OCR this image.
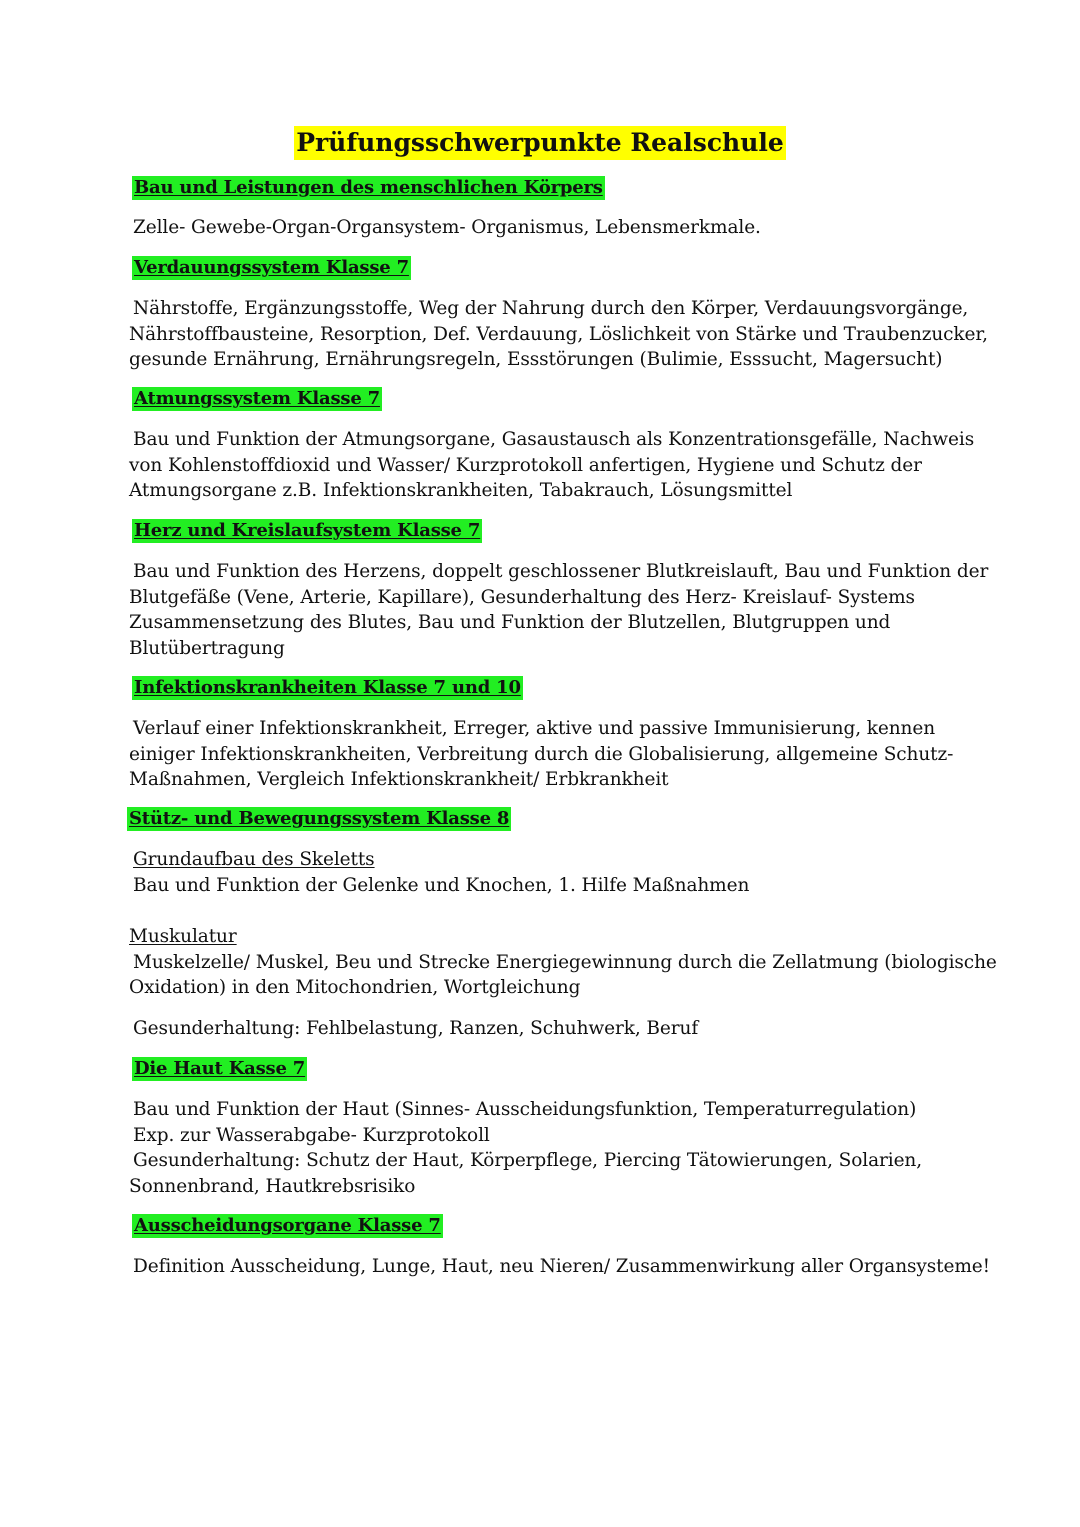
Prüfungsschwerpunkte Realschule
Bau und Leistungen des menschlichen Körpers
Zelle- Gewebe-Organ-Organsystem- Organismus, Lebensmerkmale.
Verdauungssystem Klasse 7
Nährstoffe, Ergänzungsstoffe, Weg der Nahrung durch den Körper, Verdauungsvorgänge,
Nährstoffbausteine, Resorption, Def. Verdauung, Löslichkeit von Stärke und Traubenzucker,
gesunde Ernährung, Ernährungsregeln, Essstörungen (Bulimie, Esssucht, Magersucht)
Atmungssystem Klasse 7
Bau und Funktion der Atmungsorgane, Gasaustausch als Konzentrationsgefälle, Nachweis
von Kohlenstoffdioxid und Wasser/ Kurzprotokoll anfertigen, Hygiene und Schutz der
Atmungsorgane z.B. Infektionskrankheiten, Tabakrauch, Lösungsmittel
Herz und Kreislaufsystem Klasse 7
Bau und Funktion des Herzens, doppelt geschlossener Blutkreislauft, Bau und Funktion der
Blutgefäße (Vene, Arterie, Kapillare), Gesunderhaltung des Herz- Kreislauf- Systems
Zusammensetzung des Blutes, Bau und Funktion der Blutzellen, Blutgruppen und
Blutübertragung
Infektionskrankheiten Klasse 7 und 10
Verlauf einer Infektionskrankheit, Erreger, aktive und passive Immunisierung, kennen
einiger Infektionskrankheiten, Verbreitung durch die Globalisierung, allgemeine Schutz-
Maßnahmen, Vergleich Infektionskrankheit/ Erbkrankheit
Stütz- und Bewegungssystem Klasse 8
Grundaufbau des Skeletts
Bau und Funktion der Gelenke und Knochen, 1. Hilfe Maßnahmen
Muskulatur
Muskelzelle/ Muskel, Beu und Strecke Energiegewinnung durch die Zellatmung (biologische
Oxidation) in den Mitochondrien, Wortgleichung
Gesunderhaltung: Fehlbelastung, Ranzen, Schuhwerk, Beruf
Die Haut Kasse 7
Bau und Funktion der Haut (Sinnes- Ausscheidungsfunktion, Temperaturregulation)
Exp. zur Wasserabgabe- Kurzprotokoll
Gesunderhaltung: Schutz der Haut, Körperpflege, Piercing Tätowierungen, Solarien,
Sonnenbrand, Hautkrebsrisiko
Ausscheidungsorgane Klasse 7
Definition Ausscheidung, Lunge, Haut, neu Nieren/ Zusammenwirkung aller Organsysteme!
